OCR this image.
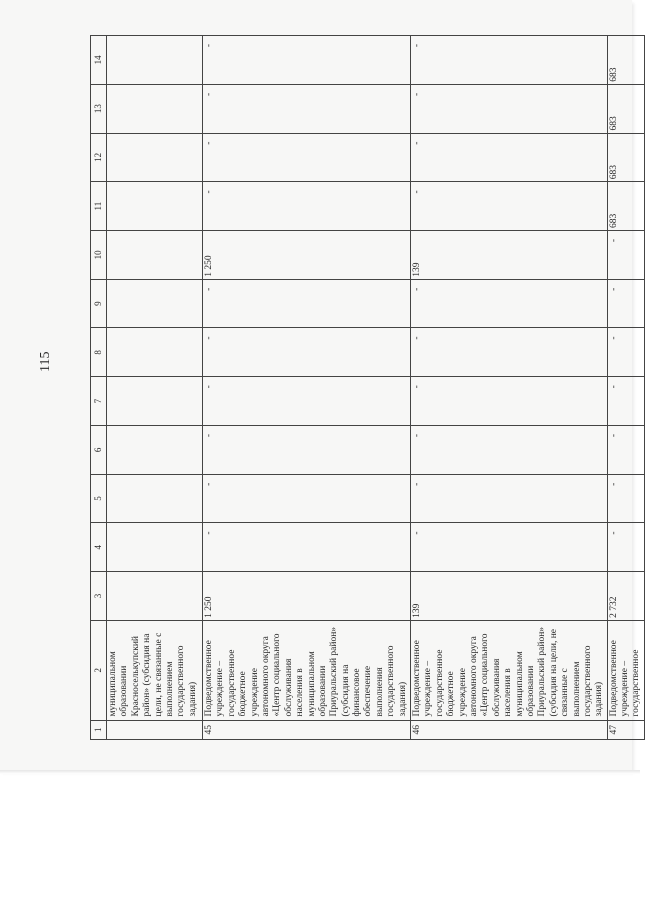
115
1	2	3	4	5	6	7	8	9	10	11	12	13	14
	муниципальном образовании Красноселькупский район» (субсидия на цели, не связанные с выполнением государственного задания)												
45	Подведомственное учреждение – государственное бюджетное учреждение автономного округа «Центр социального обслуживания населения в муниципальном образовании Приуральский район» (субсидия на финансовое обеспечение выполнения государственного задания)	1 250	-	-	-	-	-	-	1 250	-	-	-	-
46	Подведомственное учреждение – государственное бюджетное учреждение автономного округа «Центр социального обслуживания населения в муниципальном образовании Приуральский район» (субсидия на цели, не связанные с выполнением государственного задания)	139	-	-	-	-	-	-	139	-	-	-	-
47	Подведомственное учреждение – государственное	2 732	-	-	-	-	-	-	-	683	683	683	683
